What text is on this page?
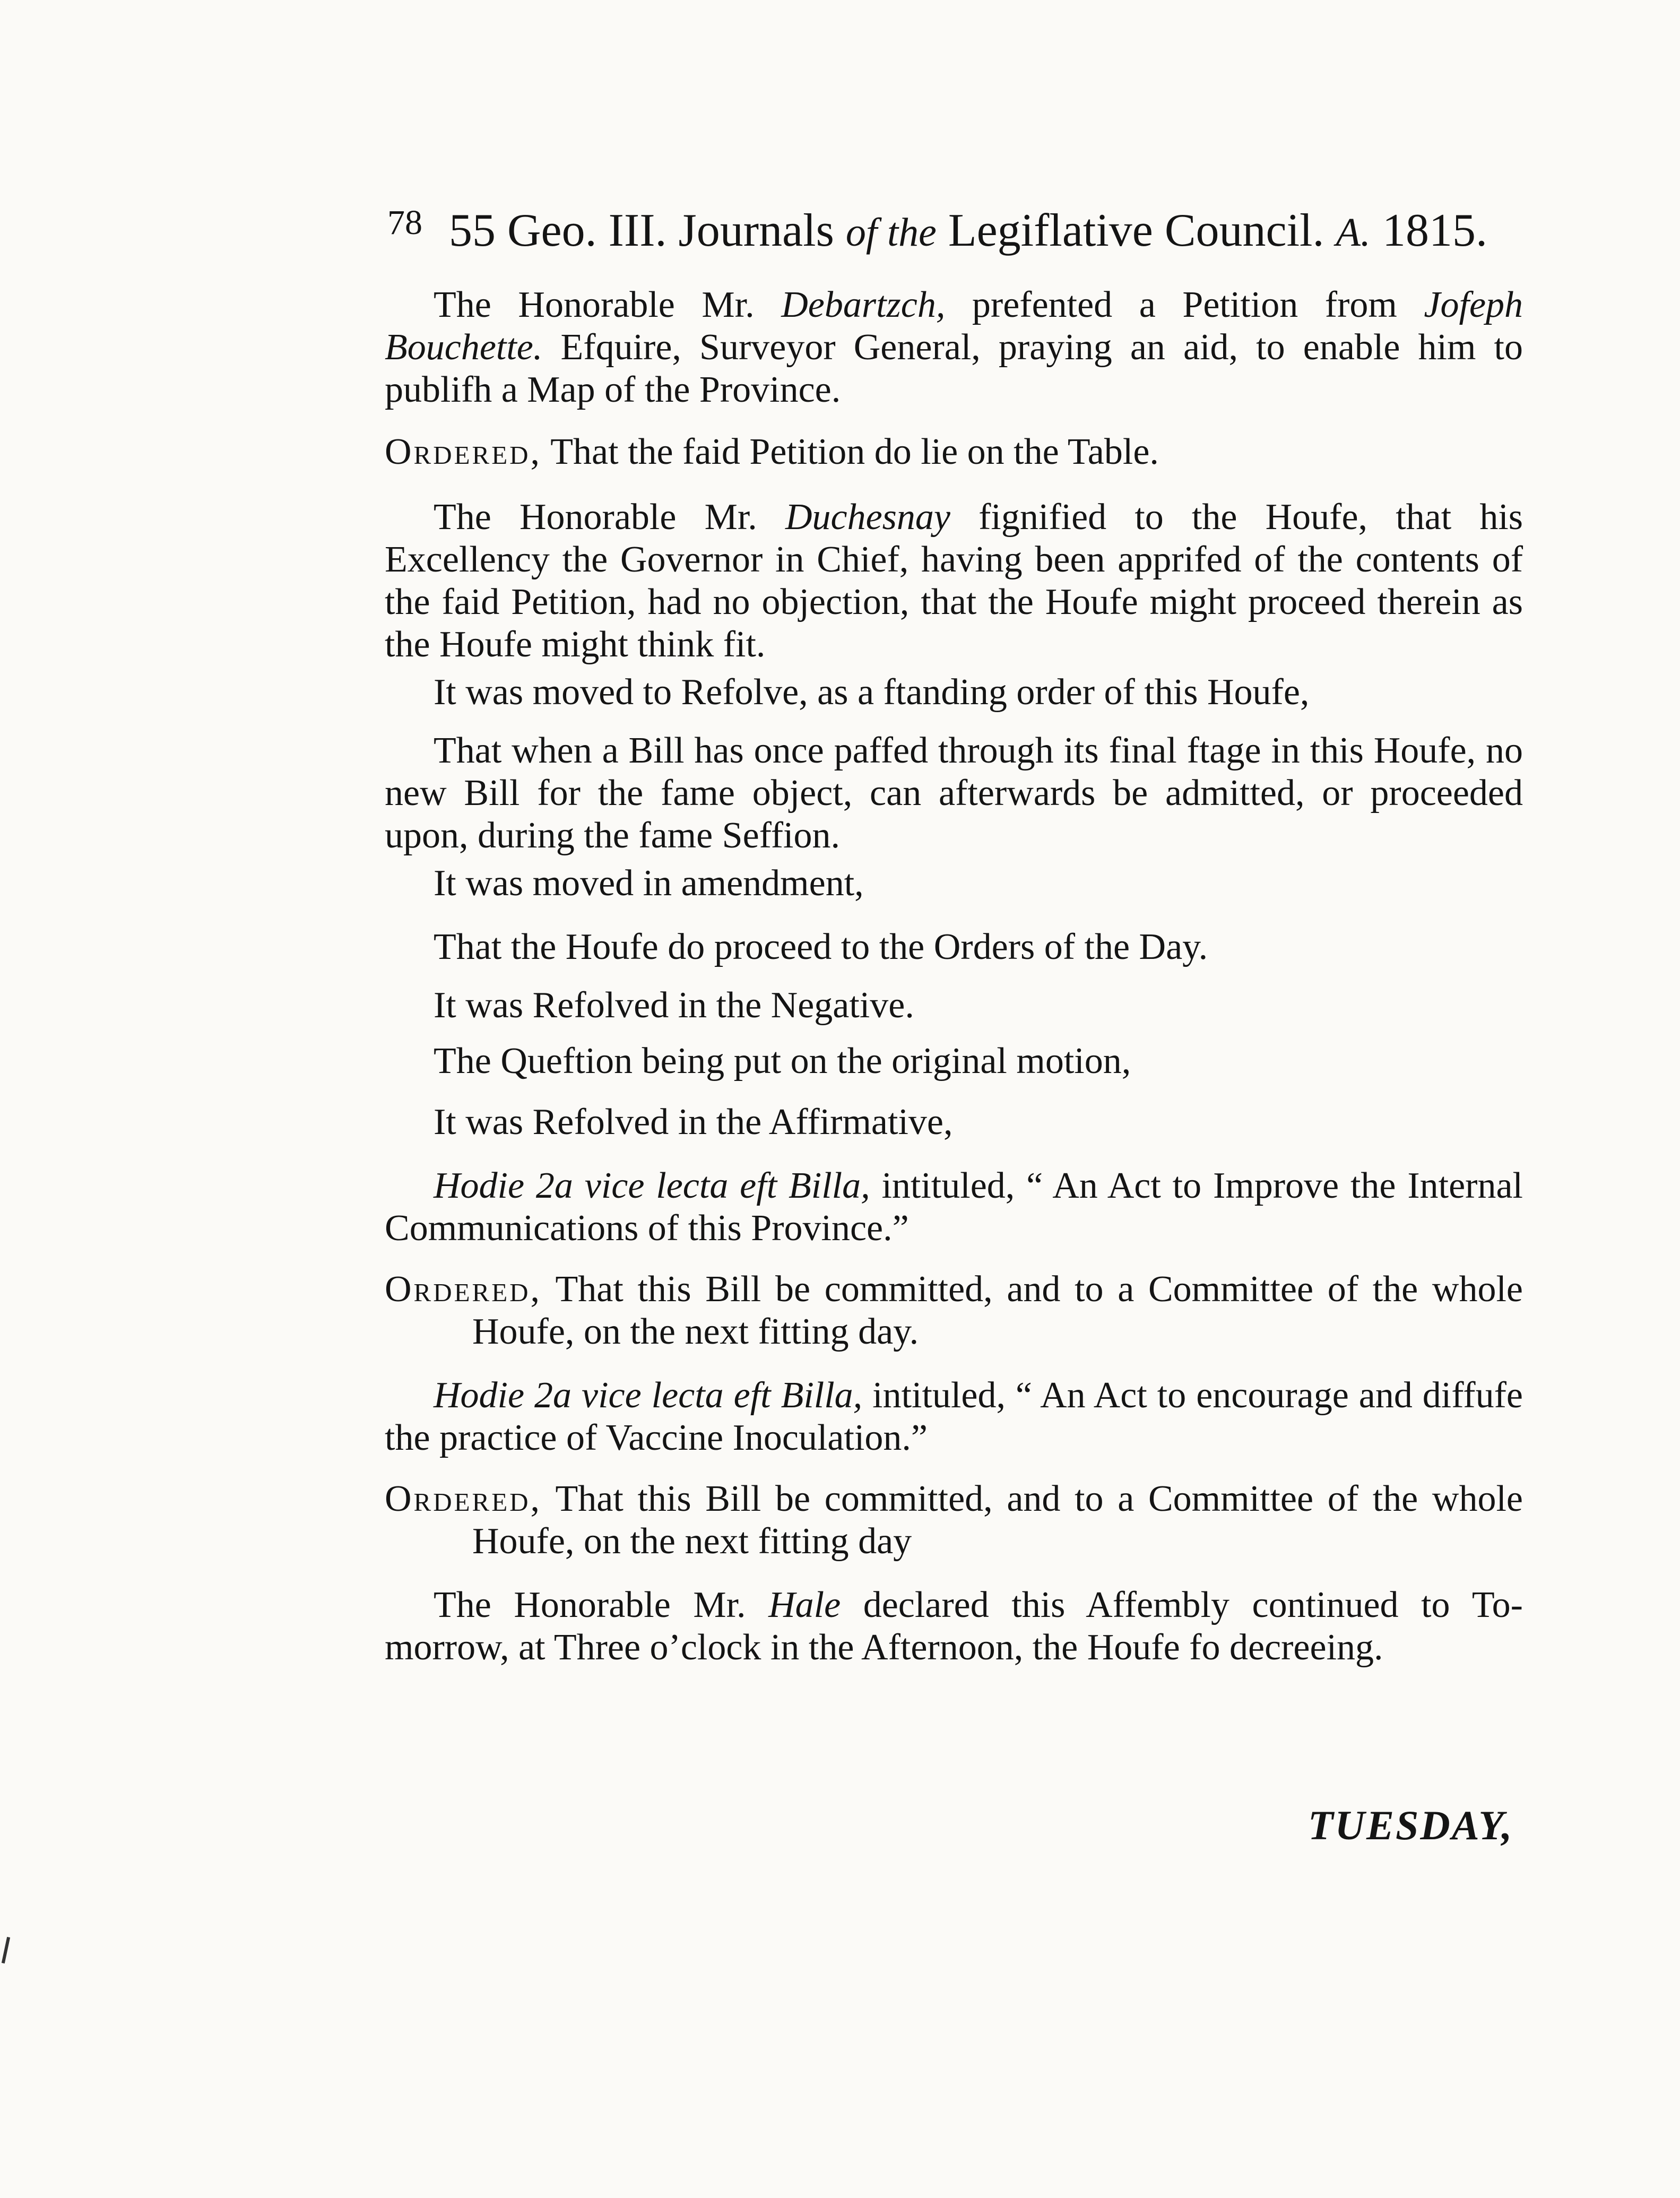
$^{78}$ 55 Geo. III. Journals of the Legiflative Council. A. 1815.

The Honorable Mr. Debartzch, prefented a Petition from Jofeph Bouchette. Efquire, Surveyor General, praying an aid, to enable him to publifh a Map of the Province.

Ordered, That the faid Petition do lie on the Table.

The Honorable Mr. Duchesnay fignified to the Houfe, that his Excellency the Governor in Chief, having been apprifed of the contents of the faid Petition, had no objection, that the Houfe might proceed therein as the Houfe might think fit.

It was moved to Refolve, as a ftanding order of this Houfe,

That when a Bill has once paffed through its final ftage in this Houfe, no new Bill for the fame object, can afterwards be admitted, or proceeded upon, during the fame Seffion.

It was moved in amendment,

That the Houfe do proceed to the Orders of the Day.

It was Refolved in the Negative.

The Queftion being put on the original motion,

It was Refolved in the Affirmative,

Hodie 2a vice lecta eft Billa, intituled, “ An Act to Improve the Internal Communications of this Province.”

Ordered, That this Bill be committed, and to a Committee of the whole Houfe, on the next fitting day.

Hodie 2a vice lecta eft Billa, intituled, “ An Act to encourage and diffufe the practice of Vaccine Inoculation.”

Ordered, That this Bill be committed, and to a Committee of the whole Houfe, on the next fitting day

The Honorable Mr. Hale declared this Affembly continued to To-morrow, at Three o’clock in the Afternoon, the Houfe fo decreeing.

TUESDAY,
